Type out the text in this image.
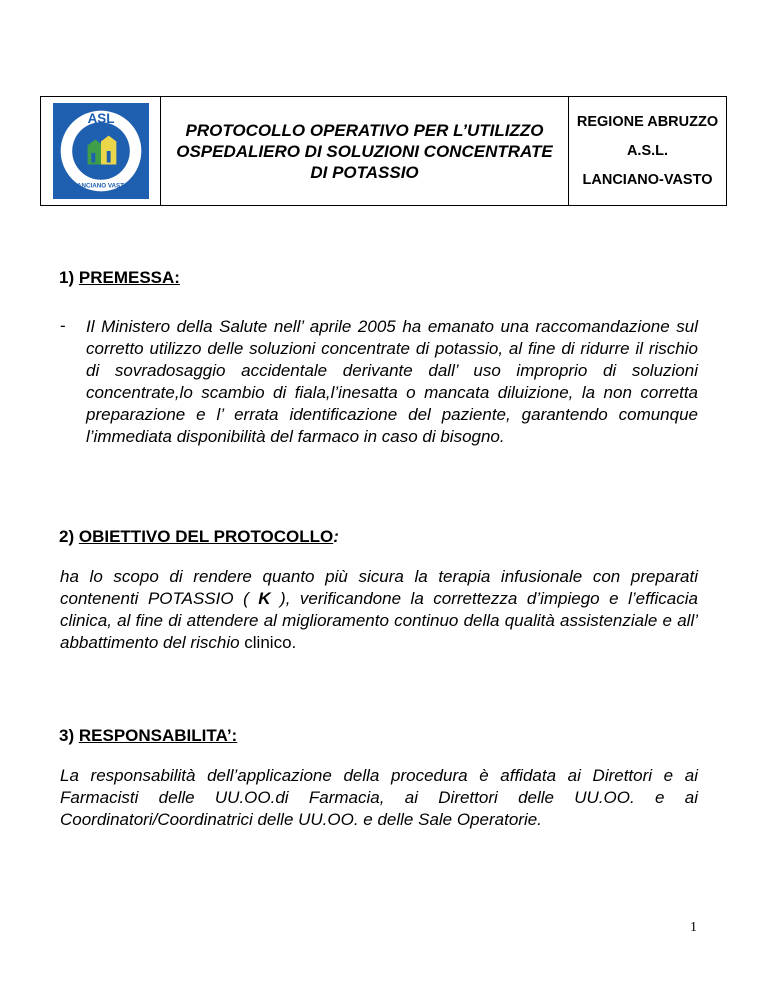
ASL
LANCIANO VASTO

PROTOCOLLO OPERATIVO PER L’UTILIZZO OSPEDALIERO DI SOLUZIONI CONCENTRATE DI POTASSIO

REGIONE ABRUZZO

A.S.L.

LANCIANO-VASTO

1) PREMESSA:
- Il Ministero della Salute nell’ aprile 2005 ha emanato una raccomandazione sul corretto utilizzo delle soluzioni concentrate di potassio, al fine di ridurre il rischio di sovradosaggio accidentale derivante dall’ uso improprio di soluzioni concentrate,lo scambio di fiala,l’inesatta o mancata diluizione, la non corretta preparazione e l’ errata identificazione del paziente, garantendo comunque l’immediata disponibilità del farmaco in caso di bisogno.

2) OBIETTIVO DEL PROTOCOLLO:

ha lo scopo di rendere quanto più sicura la terapia infusionale con preparati contenenti POTASSIO ( K ), verificandone la correttezza d’impiego e l’efficacia clinica, al fine di attendere al miglioramento continuo della qualità assistenziale e all’ abbattimento del rischio clinico.

3) RESPONSABILITA’:

La responsabilità dell’applicazione della procedura è affidata ai Direttori e ai Farmacisti delle UU.OO.di Farmacia, ai Direttori delle UU.OO. e ai Coordinatori/Coordinatrici delle UU.OO. e delle Sale Operatorie.

1
